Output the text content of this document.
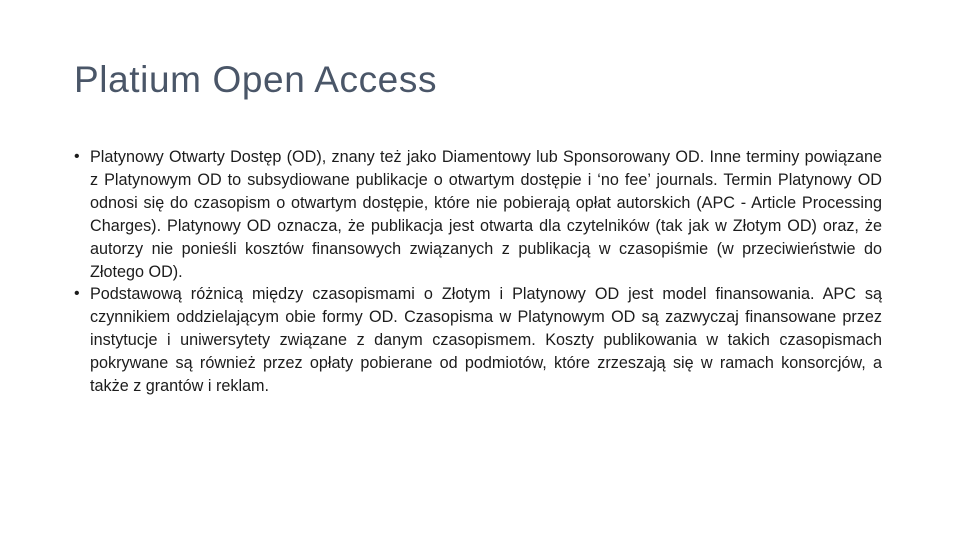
Platium Open Access
• Platynowy Otwarty Dostęp (OD), znany też jako Diamentowy lub Sponsorowany OD. Inne terminy powiązane z Platynowym OD to subsydiowane publikacje o otwartym dostępie i ‘no fee’ journals. Termin Platynowy OD odnosi się do czasopism o otwartym dostępie, które nie pobierają opłat autorskich (APC - Article Processing Charges). Platynowy OD oznacza, że publikacja jest otwarta dla czytelników (tak jak w Złotym OD) oraz, że autorzy nie ponieśli kosztów finansowych związanych z publikacją w czasopiśmie (w przeciwieństwie do Złotego OD).
• Podstawową różnicą między czasopismami o Złotym i Platynowy OD jest model finansowania. APC są czynnikiem oddzielającym obie formy OD. Czasopisma w Platynowym OD są zazwyczaj finansowane przez instytucje i uniwersytety związane z danym czasopismem. Koszty publikowania w takich czasopismach pokrywane są również przez opłaty pobierane od podmiotów, które zrzeszają się w ramach konsorcjów, a także z grantów i reklam.
